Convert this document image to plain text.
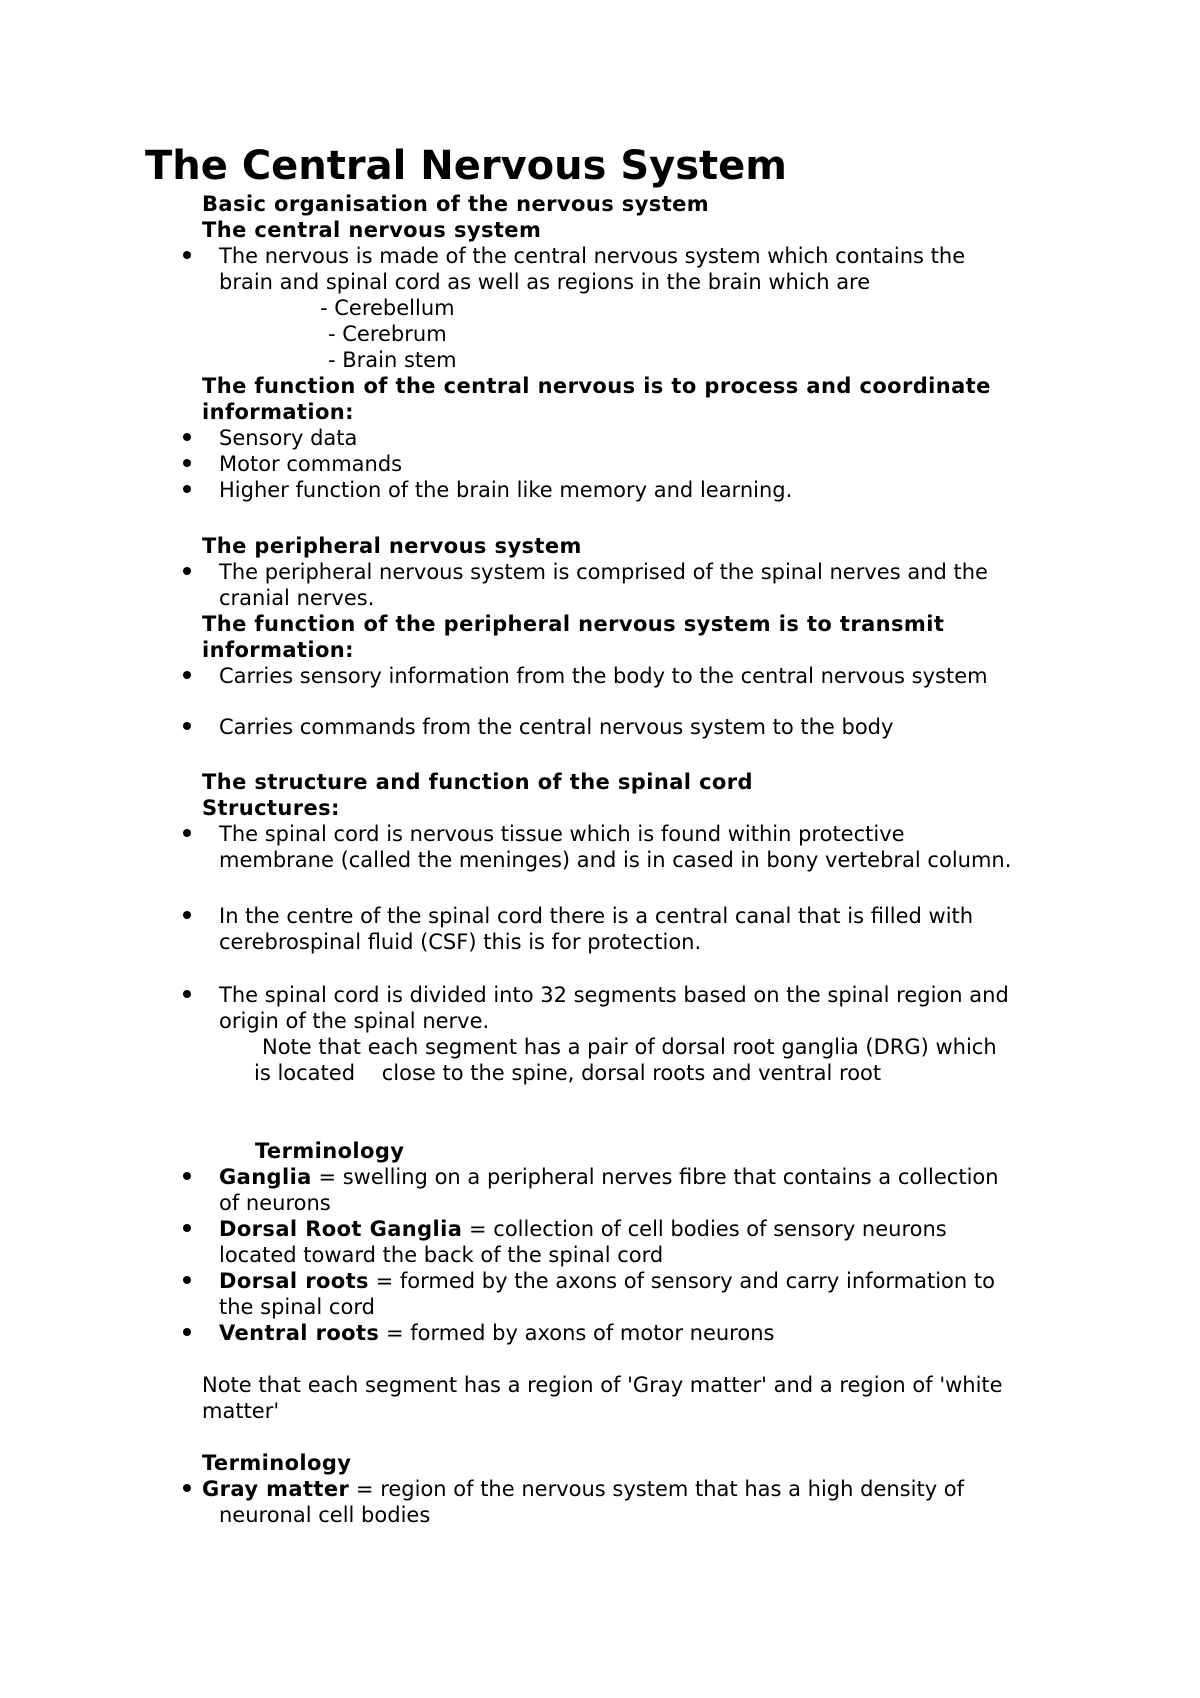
The Central Nervous System

Basic organisation of the nervous system

The central nervous system

The nervous is made of the central nervous system which contains the

brain and spinal cord as well as regions in the brain which are

- Cerebellum

- Cerebrum

- Brain stem

The function of the central nervous is to process and coordinate

information:

Sensory data

Motor commands

Higher function of the brain like memory and learning.

The peripheral nervous system

The peripheral nervous system is comprised of the spinal nerves and the

cranial nerves.

The function of the peripheral nervous system is to transmit

information:

Carries sensory information from the body to the central nervous system

Carries commands from the central nervous system to the body

The structure and function of the spinal cord

Structures:

The spinal cord is nervous tissue which is found within protective

membrane (called the meninges) and is in cased in bony vertebral column.

In the centre of the spinal cord there is a central canal that is filled with

cerebrospinal fluid (CSF) this is for protection.

The spinal cord is divided into 32 segments based on the spinal region and

origin of the spinal nerve.

Note that each segment has a pair of dorsal root ganglia (DRG) which

is located    close to the spine, dorsal roots and ventral root

Terminology

Ganglia = swelling on a peripheral nerves fibre that contains a collection

of neurons

Dorsal Root Ganglia = collection of cell bodies of sensory neurons

located toward the back of the spinal cord

Dorsal roots = formed by the axons of sensory and carry information to

the spinal cord

Ventral roots = formed by axons of motor neurons

Note that each segment has a region of 'Gray matter' and a region of 'white

matter'

Terminology

Gray matter = region of the nervous system that has a high density of

neuronal cell bodies
